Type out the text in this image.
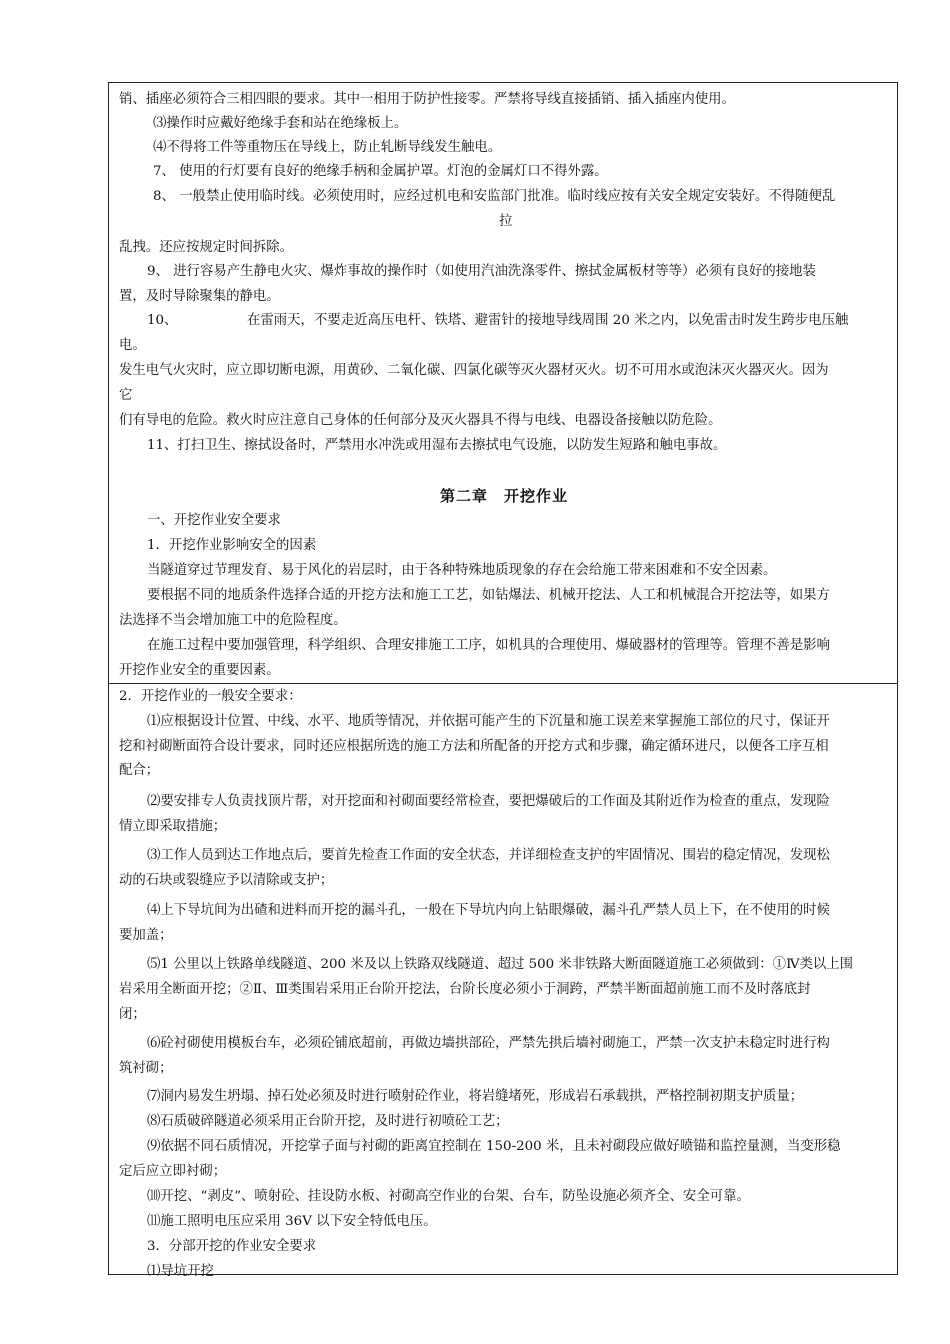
销、插座必须符合三相四眼的要求。其中一相用于防护性接零。严禁将导线直接插销、插入插座内使用。
⑶操作时应戴好绝缘手套和站在绝缘板上。
⑷不得将工件等重物压在导线上，防止轧断导线发生触电。
7、 使用的行灯要有良好的绝缘手柄和金属护罩。灯泡的金属灯口不得外露。
8、 一般禁止使用临时线。必须使用时，应经过机电和安监部门批准。临时线应按有关安全规定安装好。不得随便乱
拉
乱拽。还应按规定时间拆除。
9、 进行容易产生静电火灾、爆炸事故的操作时（如使用汽油洗涤零件、擦拭金属板材等等）必须有良好的接地装
置，及时导除聚集的静电。
10、	在雷雨天，不要走近高压电杆、铁塔、避雷针的接地导线周围 20 米之内，以免雷击时发生跨步电压触
电。
发生电气火灾时，应立即切断电源，用黄砂、二氧化碳、四氯化碳等灭火器材灭火。切不可用水或泡沫灭火器灭火。因为
它
们有导电的危险。救火时应注意自己身体的任何部分及灭火器具不得与电线、电器设备接触以防危险。
11、打扫卫生、擦拭设备时，严禁用水冲洗或用湿布去擦拭电气设施，以防发生短路和触电事故。
第二章　开挖作业
一、开挖作业安全要求
1．开挖作业影响安全的因素
当隧道穿过节理发育、易于风化的岩层时，由于各种特殊地质现象的存在会给施工带来困难和不安全因素。
要根据不同的地质条件选择合适的开挖方法和施工工艺，如钻爆法、机械开挖法、人工和机械混合开挖法等，如果方
法选择不当会增加施工中的危险程度。
在施工过程中要加强管理，科学组织、合理安排施工工序，如机具的合理使用、爆破器材的管理等。管理不善是影响
开挖作业安全的重要因素。
2．开挖作业的一般安全要求：
⑴应根据设计位置、中线、水平、地质等情况，并依据可能产生的下沉量和施工误差来掌握施工部位的尺寸，保证开
挖和衬砌断面符合设计要求，同时还应根据所选的施工方法和所配备的开挖方式和步骤，确定循环进尺，以便各工序互相
配合；
⑵要安排专人负责找顶片帮，对开挖面和衬砌面要经常检查，要把爆破后的工作面及其附近作为检查的重点，发现险
情立即采取措施；
⑶工作人员到达工作地点后，要首先检查工作面的安全状态，并详细检查支护的牢固情况、围岩的稳定情况，发现松
动的石块或裂缝应予以清除或支护；
⑷上下导坑间为出碴和进料而开挖的漏斗孔，一般在下导坑内向上钻眼爆破，漏斗孔严禁人员上下，在不使用的时候
要加盖；
⑸1 公里以上铁路单线隧道、200 米及以上铁路双线隧道、超过 500 米非铁路大断面隧道施工必须做到：①Ⅳ类以上围
岩采用全断面开挖；②Ⅱ、Ⅲ类围岩采用正台阶开挖法，台阶长度必须小于洞跨，严禁半断面超前施工而不及时落底封
闭；
⑹砼衬砌使用模板台车，必须砼铺底超前，再做边墙拱部砼，严禁先拱后墙衬砌施工，严禁一次支护未稳定时进行构
筑衬砌；
⑺洞内易发生坍塌、掉石处必须及时进行喷射砼作业，将岩缝堵死，形成岩石承载拱，严格控制初期支护质量；
⑻石质破碎隧道必须采用正台阶开挖，及时进行初喷砼工艺；
⑼依据不同石质情况，开挖掌子面与衬砌的距离宜控制在 150-200 米，且未衬砌段应做好喷锚和监控量测，当变形稳
定后应立即衬砌；
⑽开挖、“剥皮”、喷射砼、挂设防水板、衬砌高空作业的台架、台车，防坠设施必须齐全、安全可靠。
⑾施工照明电压应采用 36V 以下安全特低电压。
3．分部开挖的作业安全要求
⑴导坑开挖
